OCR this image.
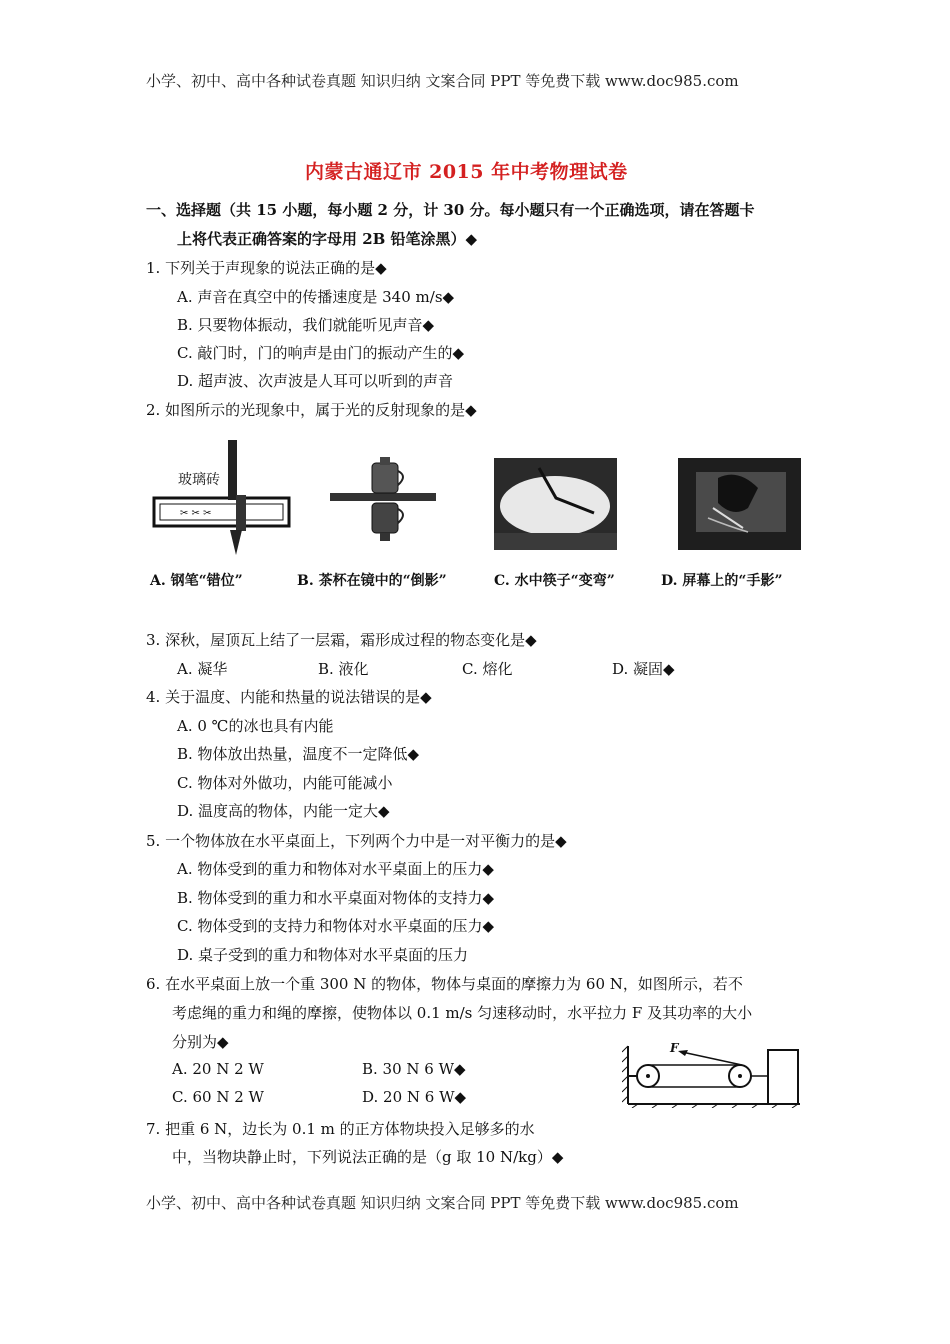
小学、初中、高中各种试卷真题 知识归纳 文案合同 PPT 等免费下载 www.doc985.com
内蒙古通辽市 2015 年中考物理试卷
一、选择题（共 15 小题，每小题 2 分，计 30 分。每小题只有一个正确选项，请在答题卡
上将代表正确答案的字母用 2B 铅笔涂黑）◆
1. 下列关于声现象的说法正确的是◆
A. 声音在真空中的传播速度是 340 m/s◆
B. 只要物体振动，我们就能听见声音◆
C. 敲门时，门的响声是由门的振动产生的◆
D. 超声波、次声波是人耳可以听到的声音
2. 如图所示的光现象中，属于光的反射现象的是◆
✂ ✂ ✂
玻璃砖
A. 钢笔“错位”	B. 茶杯在镜中的“倒影”	C. 水中筷子“变弯”	D. 屏幕上的“手影”
3. 深秋，屋顶瓦上结了一层霜，霜形成过程的物态变化是◆
A. 凝华	B. 液化	C. 熔化	D. 凝固◆
4. 关于温度、内能和热量的说法错误的是◆
A. 0 ℃的冰也具有内能
B. 物体放出热量，温度不一定降低◆
C. 物体对外做功，内能可能减小
D. 温度高的物体，内能一定大◆
5. 一个物体放在水平桌面上，下列两个力中是一对平衡力的是◆
A. 物体受到的重力和物体对水平桌面上的压力◆
B. 物体受到的重力和水平桌面对物体的支持力◆
C. 物体受到的支持力和物体对水平桌面的压力◆
D. 桌子受到的重力和物体对水平桌面的压力
6. 在水平桌面上放一个重 300 N 的物体，物体与桌面的摩擦力为 60 N，如图所示，若不
考虑绳的重力和绳的摩擦，使物体以 0.1 m/s 匀速移动时，水平拉力 F 及其功率的大小
分别为◆
A. 20 N 2 W	B. 30 N 6 W◆
C. 60 N 2 W	D. 20 N 6 W◆
F
7. 把重 6 N，边长为 0.1 m 的正方体物块投入足够多的水
中，当物块静止时，下列说法正确的是（g 取 10 N/kg）◆
小学、初中、高中各种试卷真题 知识归纳 文案合同 PPT 等免费下载 www.doc985.com
